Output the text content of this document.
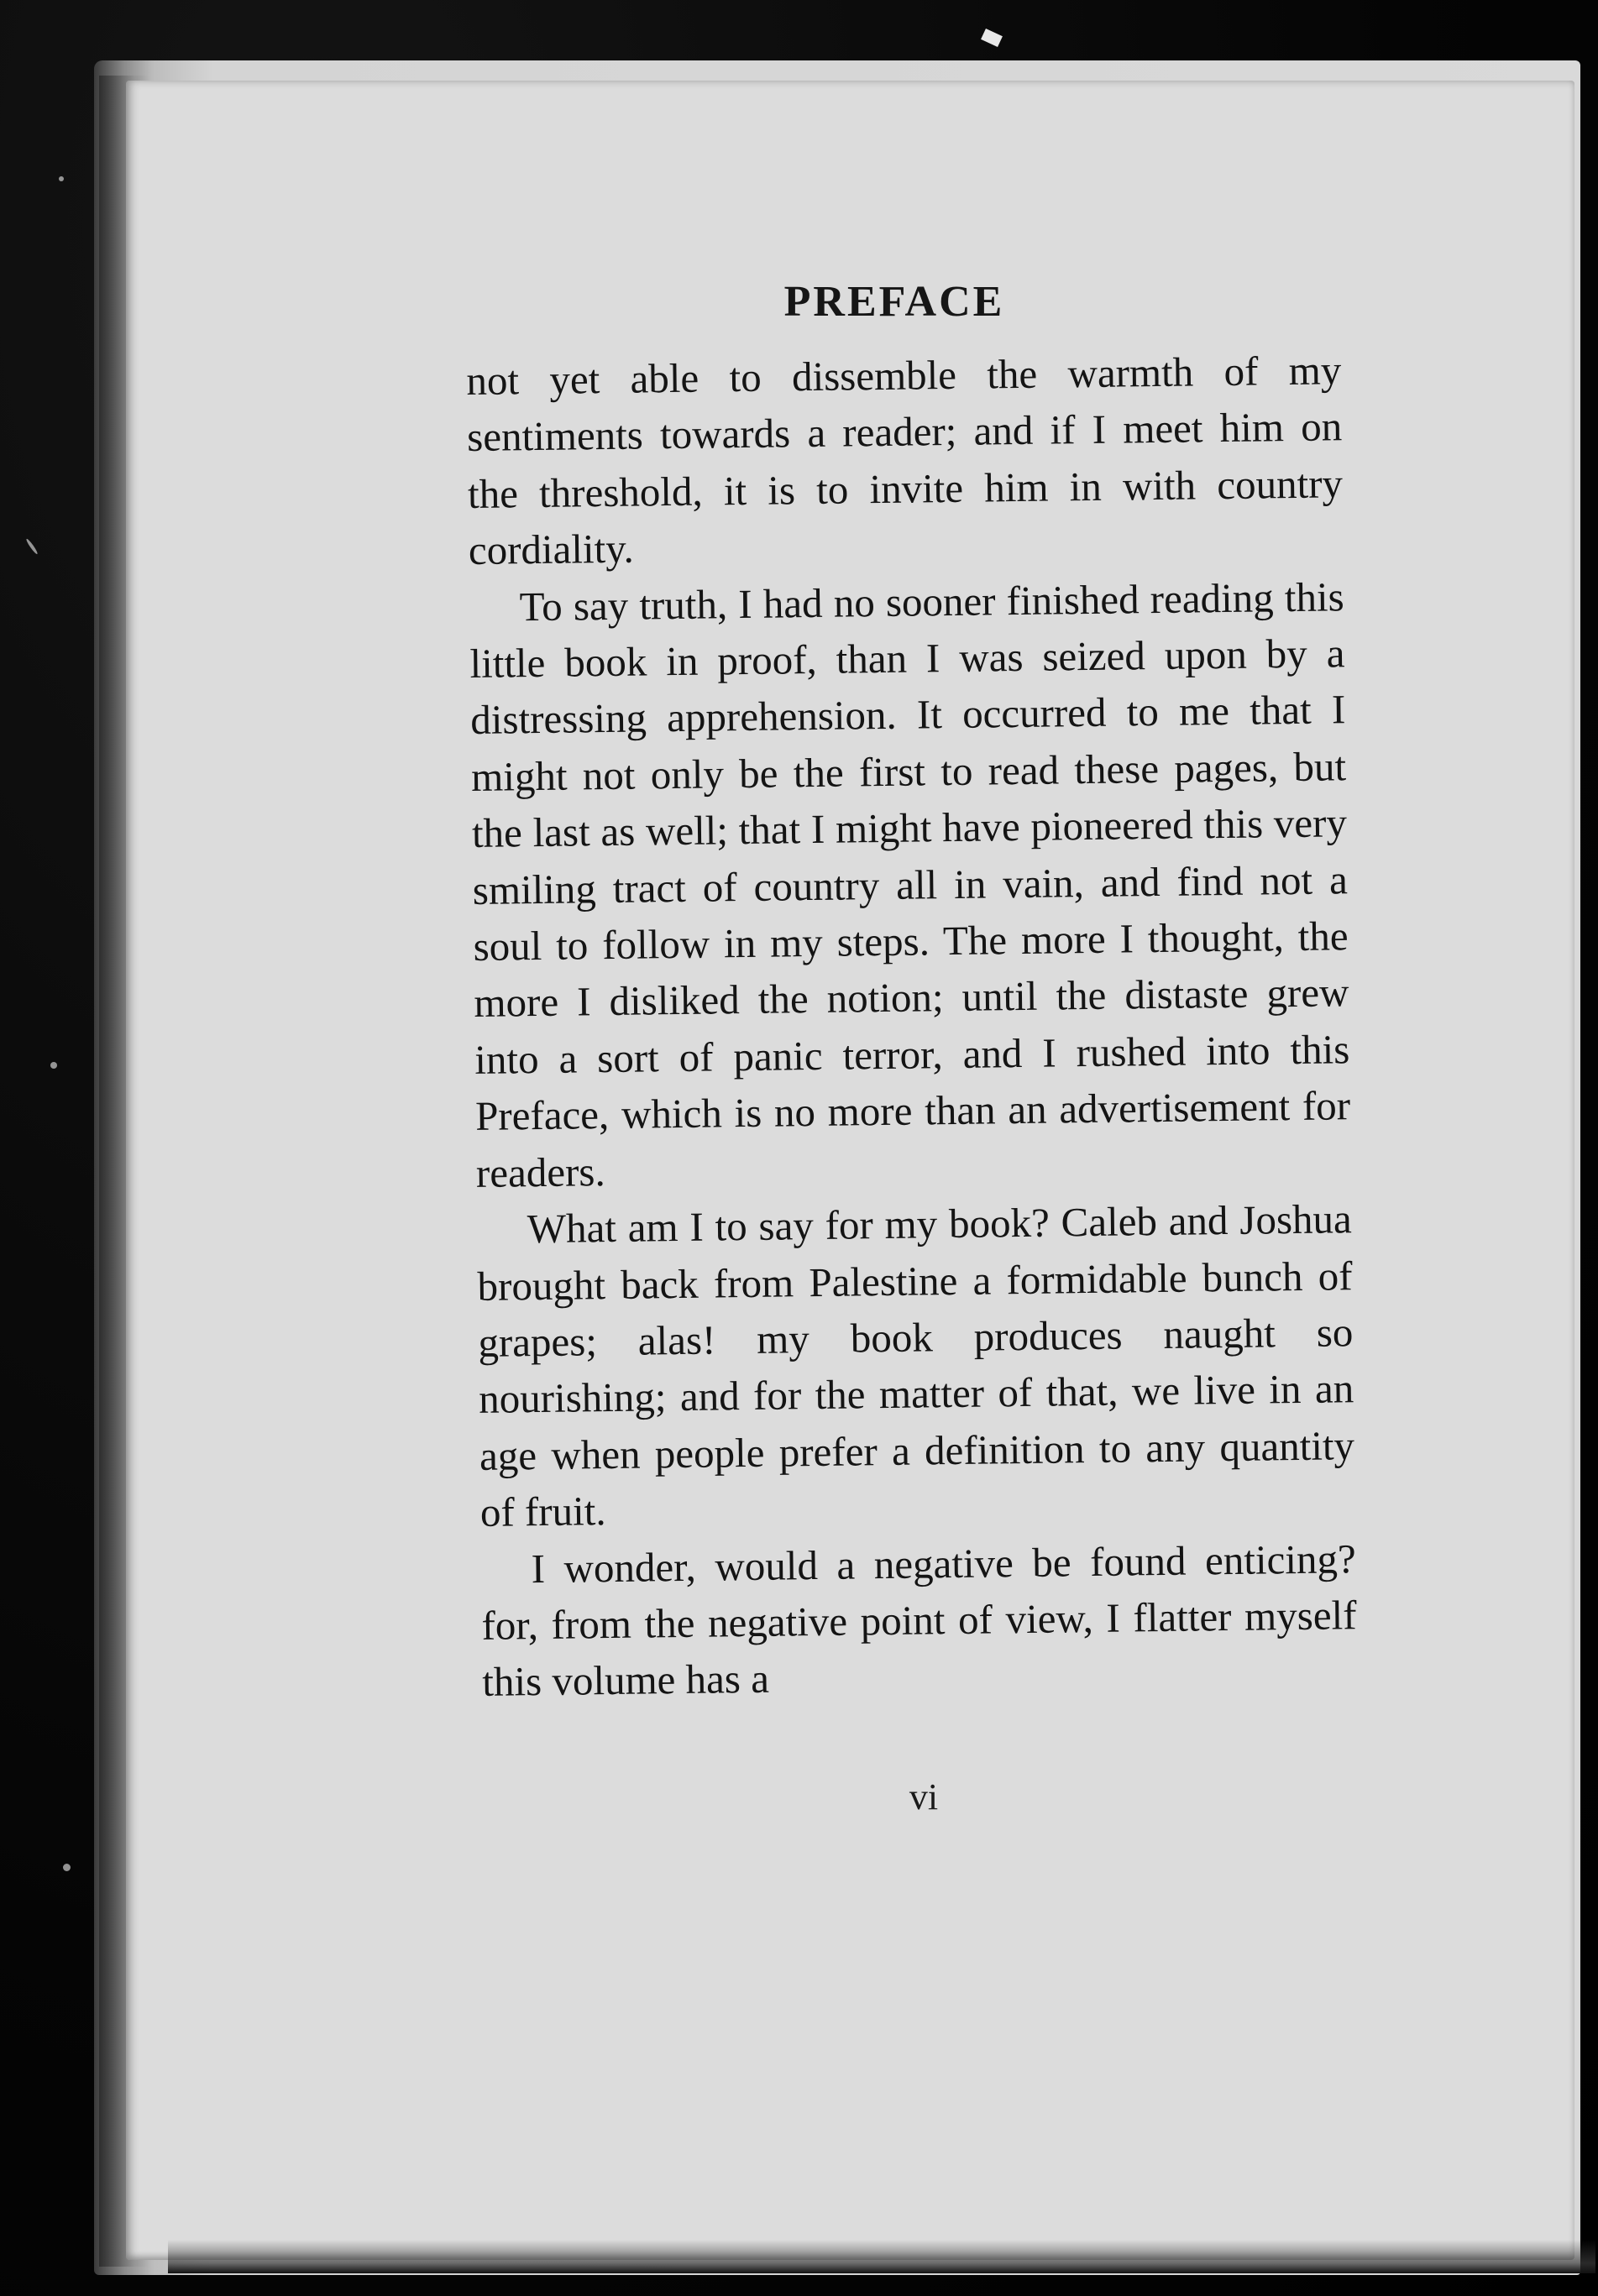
PREFACE

not yet able to dissemble the warmth of my sentiments towards a reader; and if I meet him on the threshold, it is to invite him in with country cordiality.

To say truth, I had no sooner finished reading this little book in proof, than I was seized upon by a distressing apprehension. It occurred to me that I might not only be the first to read these pages, but the last as well; that I might have pioneered this very smiling tract of country all in vain, and find not a soul to follow in my steps. The more I thought, the more I disliked the notion; until the distaste grew into a sort of panic terror, and I rushed into this Preface, which is no more than an advertisement for readers.

What am I to say for my book? Caleb and Joshua brought back from Palestine a formidable bunch of grapes; alas! my book produces naught so nourishing; and for the matter of that, we live in an age when people prefer a definition to any quantity of fruit.

I wonder, would a negative be found enticing? for, from the negative point of view, I flatter myself this volume has a

vi
